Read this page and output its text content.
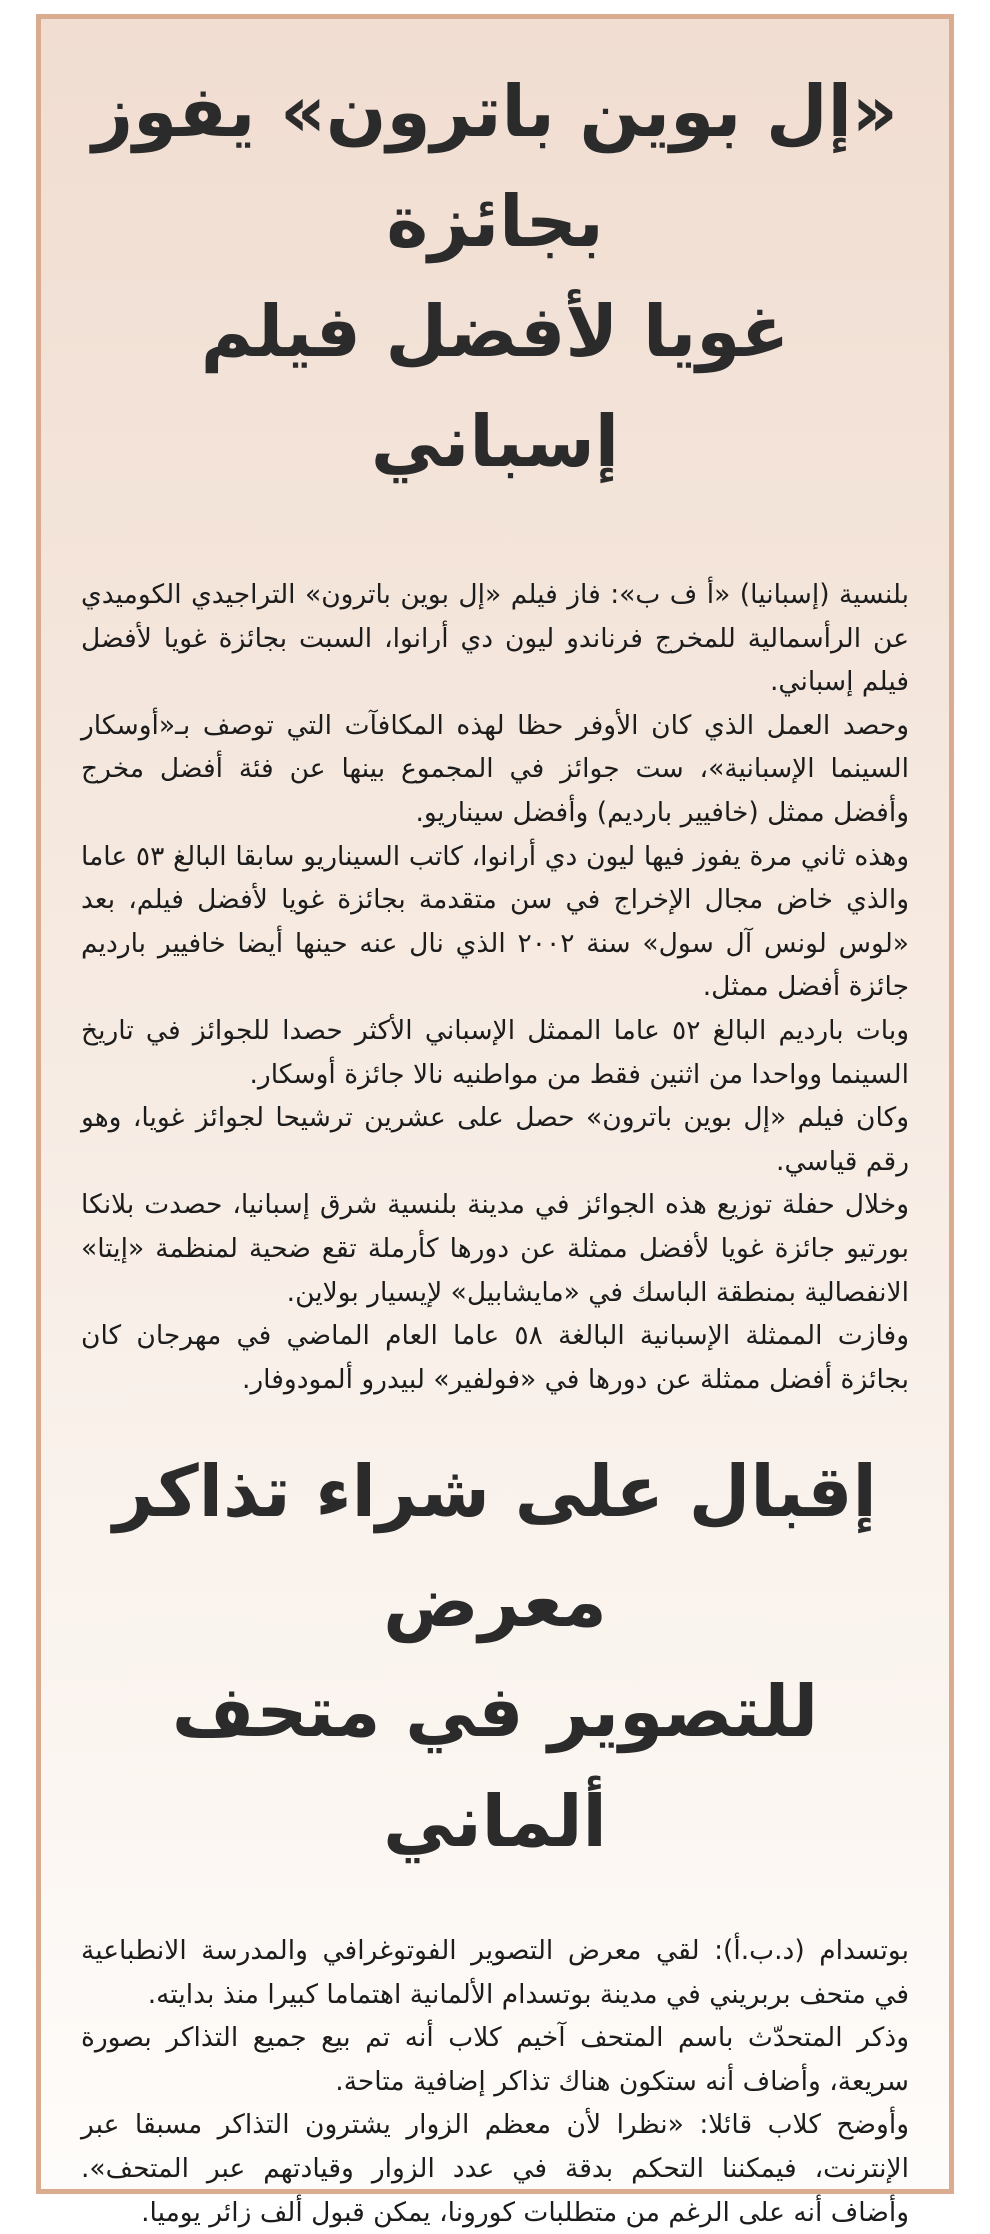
«إل بوين باترون» يفوز بجائزة
غويا لأفضل فيلم إسباني

بلنسية (إسبانيا) «أ ف ب»: فاز فيلم «إل بوين باترون» التراجيدي الكوميدي عن الرأسمالية للمخرج فرناندو ليون دي أرانوا، السبت بجائزة غويا لأفضل فيلم إسباني.

وحصد العمل الذي كان الأوفر حظا لهذه المكافآت التي توصف بـ«أوسكار السينما الإسبانية»، ست جوائز في المجموع بينها عن فئة أفضل مخرج وأفضل ممثل (خافيير بارديم) وأفضل سيناريو.

وهذه ثاني مرة يفوز فيها ليون دي أرانوا، كاتب السيناريو سابقا البالغ ٥٣ عاما والذي خاض مجال الإخراج في سن متقدمة بجائزة غويا لأفضل فيلم، بعد «لوس لونس آل سول» سنة ٢٠٠٢ الذي نال عنه حينها أيضا خافيير بارديم جائزة أفضل ممثل.

وبات بارديم البالغ ٥٢ عاما الممثل الإسباني الأكثر حصدا للجوائز في تاريخ السينما وواحدا من اثنين فقط من مواطنيه نالا جائزة أوسكار.

وكان فيلم «إل بوين باترون» حصل على عشرين ترشيحا لجوائز غويا، وهو رقم قياسي.

وخلال حفلة توزيع هذه الجوائز في مدينة بلنسية شرق إسبانيا، حصدت بلانكا بورتيو جائزة غويا لأفضل ممثلة عن دورها كأرملة تقع ضحية لمنظمة «إيتا» الانفصالية بمنطقة الباسك في «مايشابيل» لإيسيار بولاين.

وفازت الممثلة الإسبانية البالغة ٥٨ عاما العام الماضي في مهرجان كان بجائزة أفضل ممثلة عن دورها في «فولفير» لبيدرو ألمودوفار.

إقبال على شراء تذاكر معرض
للتصوير في متحف ألماني

بوتسدام (د.ب.أ): لقي معرض التصوير الفوتوغرافي والمدرسة الانطباعية في متحف بربريني في مدينة بوتسدام الألمانية اهتماما كبيرا منذ بدايته.

وذكر المتحدّث باسم المتحف آخيم كلاب أنه تم بيع جميع التذاكر بصورة سريعة، وأضاف أنه ستكون هناك تذاكر إضافية متاحة.

وأوضح كلاب قائلا: «نظرا لأن معظم الزوار يشترون التذاكر مسبقا عبر الإنترنت، فيمكننا التحكم بدقة في عدد الزوار وقيادتهم عبر المتحف». وأضاف أنه على الرغم من متطلبات كورونا، يمكن قبول ألف زائر يوميا.
